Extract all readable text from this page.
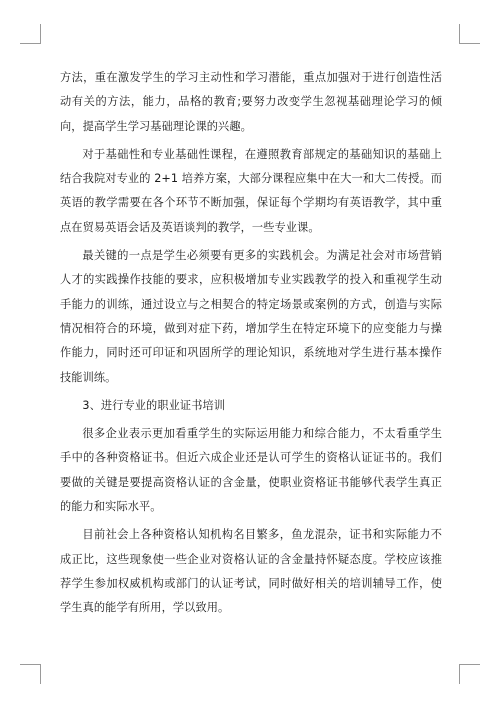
方法，重在激发学生的学习主动性和学习潜能，重点加强对于进行创造性活动有关的方法，能力，品格的教育;要努力改变学生忽视基础理论学习的倾向，提高学生学习基础理论课的兴趣。

对于基础性和专业基础性课程，在遵照教育部规定的基础知识的基础上结合我院对专业的 2+1 培养方案，大部分课程应集中在大一和大二传授。而英语的教学需要在各个环节不断加强，保证每个学期均有英语教学，其中重点在贸易英语会话及英语谈判的教学，一些专业课。

最关键的一点是学生必须要有更多的实践机会。为满足社会对市场营销人才的实践操作技能的要求，应积极增加专业实践教学的投入和重视学生动手能力的训练，通过设立与之相契合的特定场景或案例的方式，创造与实际情况相符合的环境，做到对症下药，增加学生在特定环境下的应变能力与操作能力，同时还可印证和巩固所学的理论知识，系统地对学生进行基本操作技能训练。

3、进行专业的职业证书培训

很多企业表示更加看重学生的实际运用能力和综合能力，不太看重学生手中的各种资格证书。但近六成企业还是认可学生的资格认证证书的。我们要做的关键是要提高资格认证的含金量，使职业资格证书能够代表学生真正的能力和实际水平。

目前社会上各种资格认知机构名目繁多，鱼龙混杂，证书和实际能力不成正比，这些现象使一些企业对资格认证的含金量持怀疑态度。学校应该推荐学生参加权威机构或部门的认证考试，同时做好相关的培训辅导工作，使学生真的能学有所用，学以致用。
